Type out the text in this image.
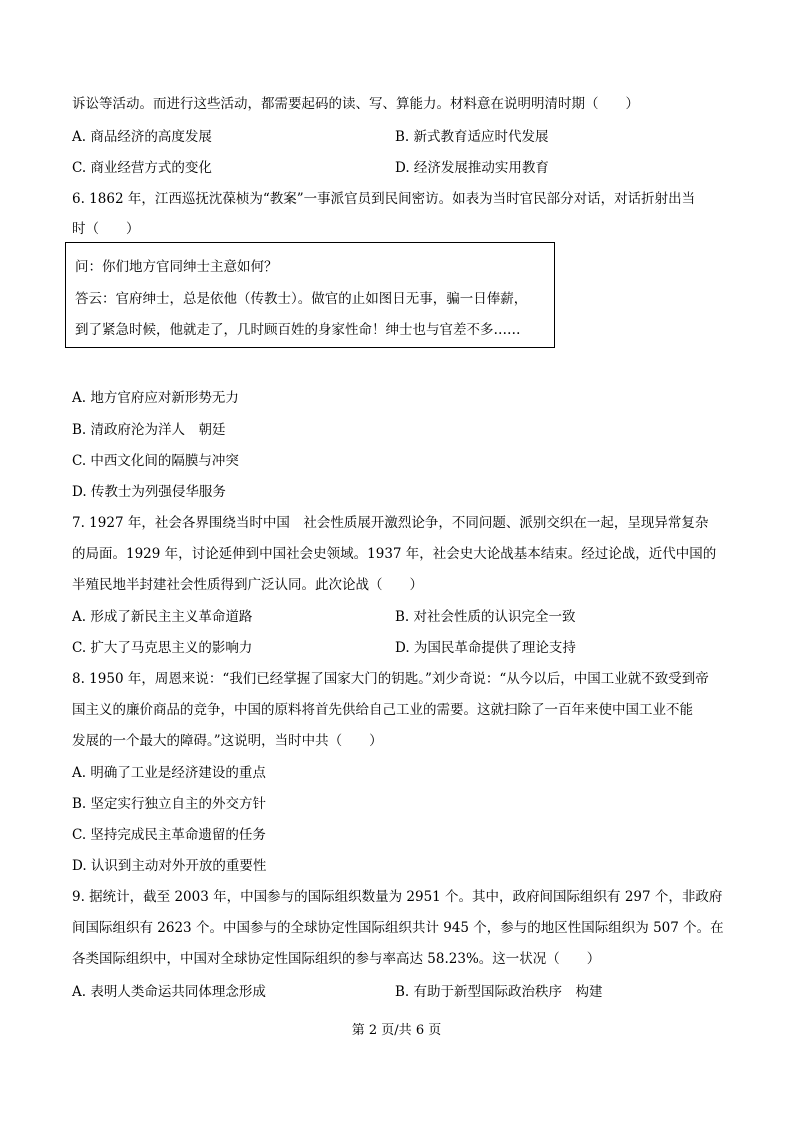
诉讼等活动。而进行这些活动，都需要起码的读、写、算能力。材料意在说明明清时期（　　）
A. 商品经济的高度发展	B. 新式教育适应时代发展
C. 商业经营方式的变化	D. 经济发展推动实用教育
6. 1862 年，江西巡抚沈葆桢为“教案”一事派官员到民间密访。如表为当时官民部分对话，对话折射出当
时（　　）
问：你们地方官同绅士主意如何？
答云：官府绅士，总是依他（传教士）。做官的止如图日无事，骗一日俸薪，
到了紧急时候，他就走了，几时顾百姓的身家性命！绅士也与官差不多……
A. 地方官府应对新形势无力
B. 清政府沦为洋人　朝廷
C. 中西文化间的隔膜与冲突
D. 传教士为列强侵华服务
7. 1927 年，社会各界围绕当时中国　社会性质展开激烈论争，不同问题、派别交织在一起，呈现异常复杂
的局面。1929 年，讨论延伸到中国社会史领域。1937 年，社会史大论战基本结束。经过论战，近代中国的
半殖民地半封建社会性质得到广泛认同。此次论战（　　）
A. 形成了新民主主义革命道路	B. 对社会性质的认识完全一致
C. 扩大了马克思主义的影响力	D. 为国民革命提供了理论支持
8. 1950 年，周恩来说：“我们已经掌握了国家大门的钥匙。”刘少奇说：“从今以后，中国工业就不致受到帝
国主义的廉价商品的竞争，中国的原料将首先供给自己工业的需要。这就扫除了一百年来使中国工业不能
发展的一个最大的障碍。”这说明，当时中共（　　）
A. 明确了工业是经济建设的重点
B. 坚定实行独立自主的外交方针
C. 坚持完成民主革命遗留的任务
D. 认识到主动对外开放的重要性
9. 据统计，截至 2003 年，中国参与的国际组织数量为 2951 个。其中，政府间国际组织有 297 个，非政府
间国际组织有 2623 个。中国参与的全球协定性国际组织共计 945 个，参与的地区性国际组织为 507 个。在
各类国际组织中，中国对全球协定性国际组织的参与率高达 58.23%。这一状况（　　）
A. 表明人类命运共同体理念形成	B. 有助于新型国际政治秩序　构建
第 2 页/共 6 页
